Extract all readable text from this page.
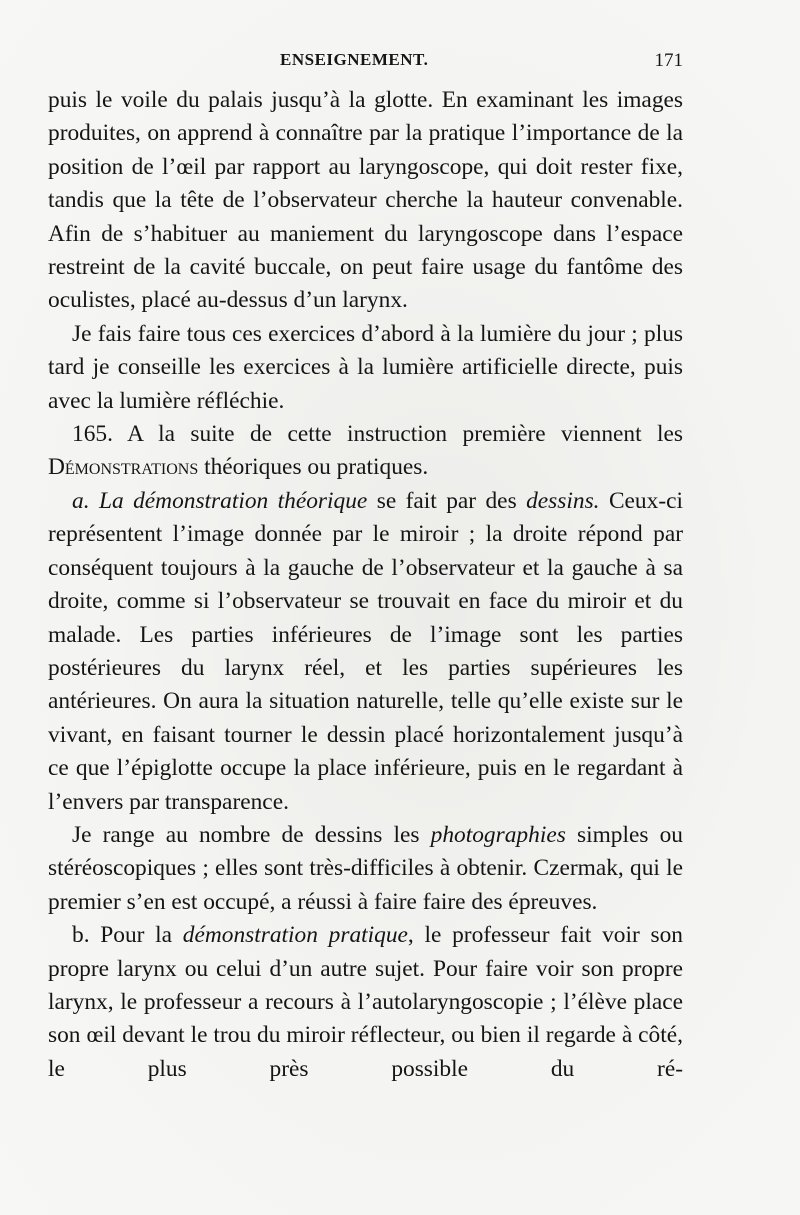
ENSEIGNEMENT.	171

puis le voile du palais jusqu’à la glotte. En examinant les images produites, on apprend à connaître par la pratique l’importance de la position de l’œil par rapport au laryngoscope, qui doit rester fixe, tandis que la tête de l’observateur cherche la hauteur convenable. Afin de s’habituer au maniement du laryngoscope dans l’espace restreint de la cavité buccale, on peut faire usage du fantôme des oculistes, placé au-dessus d’un larynx.

Je fais faire tous ces exercices d’abord à la lumière du jour ; plus tard je conseille les exercices à la lumière artificielle directe, puis avec la lumière réfléchie.

165. A la suite de cette instruction première viennent les Démonstrations théoriques ou pratiques.

a. La démonstration théorique se fait par des dessins. Ceux-ci représentent l’image donnée par le miroir ; la droite répond par conséquent toujours à la gauche de l’observateur et la gauche à sa droite, comme si l’observateur se trouvait en face du miroir et du malade. Les parties inférieures de l’image sont les parties postérieures du larynx réel, et les parties supérieures les antérieures. On aura la situation naturelle, telle qu’elle existe sur le vivant, en faisant tourner le dessin placé horizontalement jusqu’à ce que l’épiglotte occupe la place inférieure, puis en le regardant à l’envers par transparence.

Je range au nombre de dessins les photographies simples ou stéréoscopiques ; elles sont très-difficiles à obtenir. Czermak, qui le premier s’en est occupé, a réussi à faire faire des épreuves.

b. Pour la démonstration pratique, le professeur fait voir son propre larynx ou celui d’un autre sujet. Pour faire voir son propre larynx, le professeur a recours à l’autolaryngoscopie ; l’élève place son œil devant le trou du miroir réflecteur, ou bien il regarde à côté, le plus près possible du ré-
